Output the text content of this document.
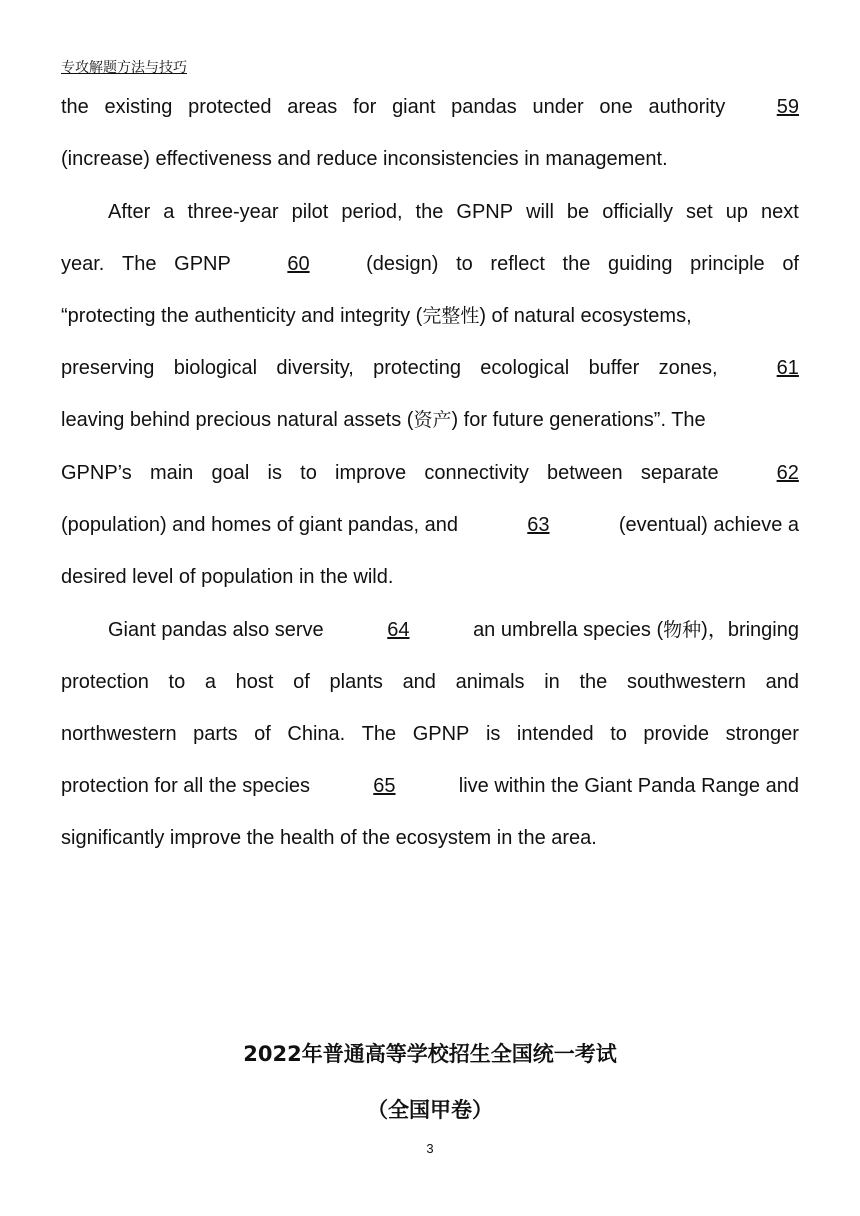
专攻解题方法与技巧
the existing protected areas for giant pandas under one authority	59
(increase) effectiveness and reduce inconsistencies in management.
After a three-year pilot period, the GPNP will be officially set up next
year. The GPNP	60	(design) to reflect the guiding principle of
“protecting the authenticity and integrity (完整性) of natural ecosystems,
preserving biological diversity, protecting ecological buffer zones,	61
leaving behind precious natural assets (资产) for future generations”. The
GPNP’s main goal is to improve connectivity between separate	62
(population) and homes of giant pandas, and	63	(eventual) achieve a
desired level of population in the wild.
Giant pandas also serve	64	an umbrella species (物种)，bringing
protection to a host of plants and animals in the southwestern and
northwestern parts of China. The GPNP is intended to provide stronger
protection for all the species	65	live within the Giant Panda Range and
significantly improve the health of the ecosystem in the area.
2022年普通高等学校招生全国统一考试
（全国甲卷）
3
